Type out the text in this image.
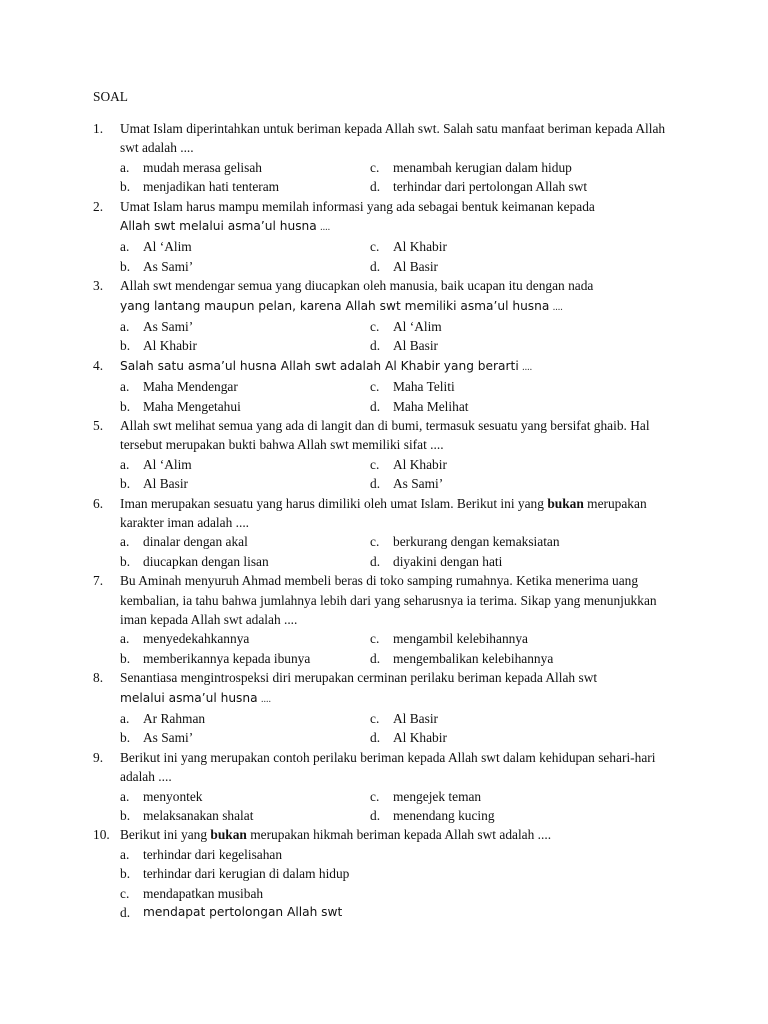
SOAL
1.	Umat Islam diperintahkan untuk beriman kepada Allah swt. Salah satu manfaat beriman kepada Allah swt adalah ....
a.	mudah merasa gelisah	c.	menambah kerugian dalam hidup
b. menjadikan hati tenteram	d. terhindar dari pertolongan Allah swt
2.	Umat Islam harus mampu memilah informasi yang ada sebagai bentuk keimanan kepada
Allah swt melalui asma’ul husna ....
a.	Al ‘Alim	c.	Al Khabir
b. As Sami’	d. Al Basir
3.	Allah swt mendengar semua yang diucapkan oleh manusia, baik ucapan itu dengan nada
yang lantang maupun pelan, karena Allah swt memiliki asma’ul husna ....
a.	As Sami’	c.	Al ‘Alim
b. Al Khabir	d. Al Basir
4.	Salah satu asma’ul husna Allah swt adalah Al Khabir yang berarti ....
a.	Maha Mendengar	c.	Maha Teliti
b. Maha Mengetahui	d. Maha Melihat
5.	Allah swt melihat semua yang ada di langit dan di bumi, termasuk sesuatu yang bersifat ghaib. Hal tersebut merupakan bukti bahwa Allah swt memiliki sifat ....
a.	Al ‘Alim	c.	Al Khabir
b. Al Basir	d. As Sami’
6.	Iman merupakan sesuatu yang harus dimiliki oleh umat Islam. Berikut ini yang bukan merupakan karakter iman adalah ....
a.	dinalar dengan akal	c.	berkurang dengan kemaksiatan
b. diucapkan dengan lisan	d. diyakini dengan hati
7.	Bu Aminah menyuruh Ahmad membeli beras di toko samping rumahnya. Ketika menerima uang kembalian, ia tahu bahwa jumlahnya lebih dari yang seharusnya ia terima. Sikap yang menunjukkan iman kepada Allah swt adalah ....
a.	menyedekahkannya	c.	mengambil kelebihannya
b. memberikannya kepada ibunya	d. mengembalikan kelebihannya
8.	Senantiasa mengintrospeksi diri merupakan cerminan perilaku beriman kepada Allah swt
melalui asma’ul husna ....
a.	Ar Rahman	c.	Al Basir
b. As Sami’	d. Al Khabir
9.	Berikut ini yang merupakan contoh perilaku beriman kepada Allah swt dalam kehidupan sehari-hari adalah ....
a.	menyontek	c.	mengejek teman
b. melaksanakan shalat	d. menendang kucing
10. Berikut ini yang bukan merupakan hikmah beriman kepada Allah swt adalah ....
a.	terhindar dari kegelisahan
b. terhindar dari kerugian di dalam hidup
c.	mendapatkan musibah
d.	mendapat pertolongan Allah swt
